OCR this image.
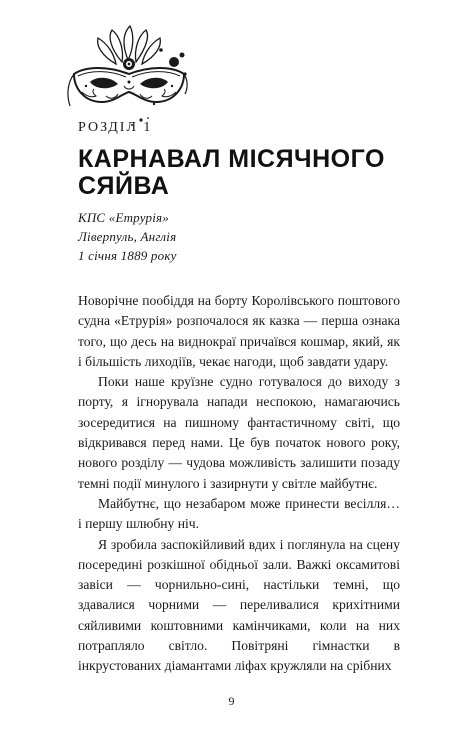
РОЗДІЛ 1
КАРНАВАЛ МІСЯЧНОГО
СЯЙВА
КПС «Етрурія»
Ліверпуль, Англія
1 січня 1889 року

Новорічне пообіддя на борту Королівського поштового судна «Етрурія» розпочалося як казка — перша ознака того, що десь на виднокраї причаївся кошмар, який, як і більшість лиходіїв, чекає нагоди, щоб завдати удару.

Поки наше круїзне судно готувалося до виходу з порту, я ігнорувала напади неспокою, намагаючись зосередитися на пишному фантастичному світі, що відкривався перед нами. Це був початок нового року, нового розділу — чудова можливість залишити позаду темні події минулого і зазирнути у світле майбутнє.

Майбутнє, що незабаром може принести весілля… і першу шлюбну ніч.

Я зробила заспокійливий вдих і поглянула на сцену посередині розкішної обідньої зали. Важкі оксамитові завіси — чорнильно-сині, настільки темні, що здавалися чорними — переливалися крихітними сяйливими коштовними камінчиками, коли на них потрапляло світло. Повітряні гімнастки в інкрустованих діамантами ліфах кружляли на срібних

9
